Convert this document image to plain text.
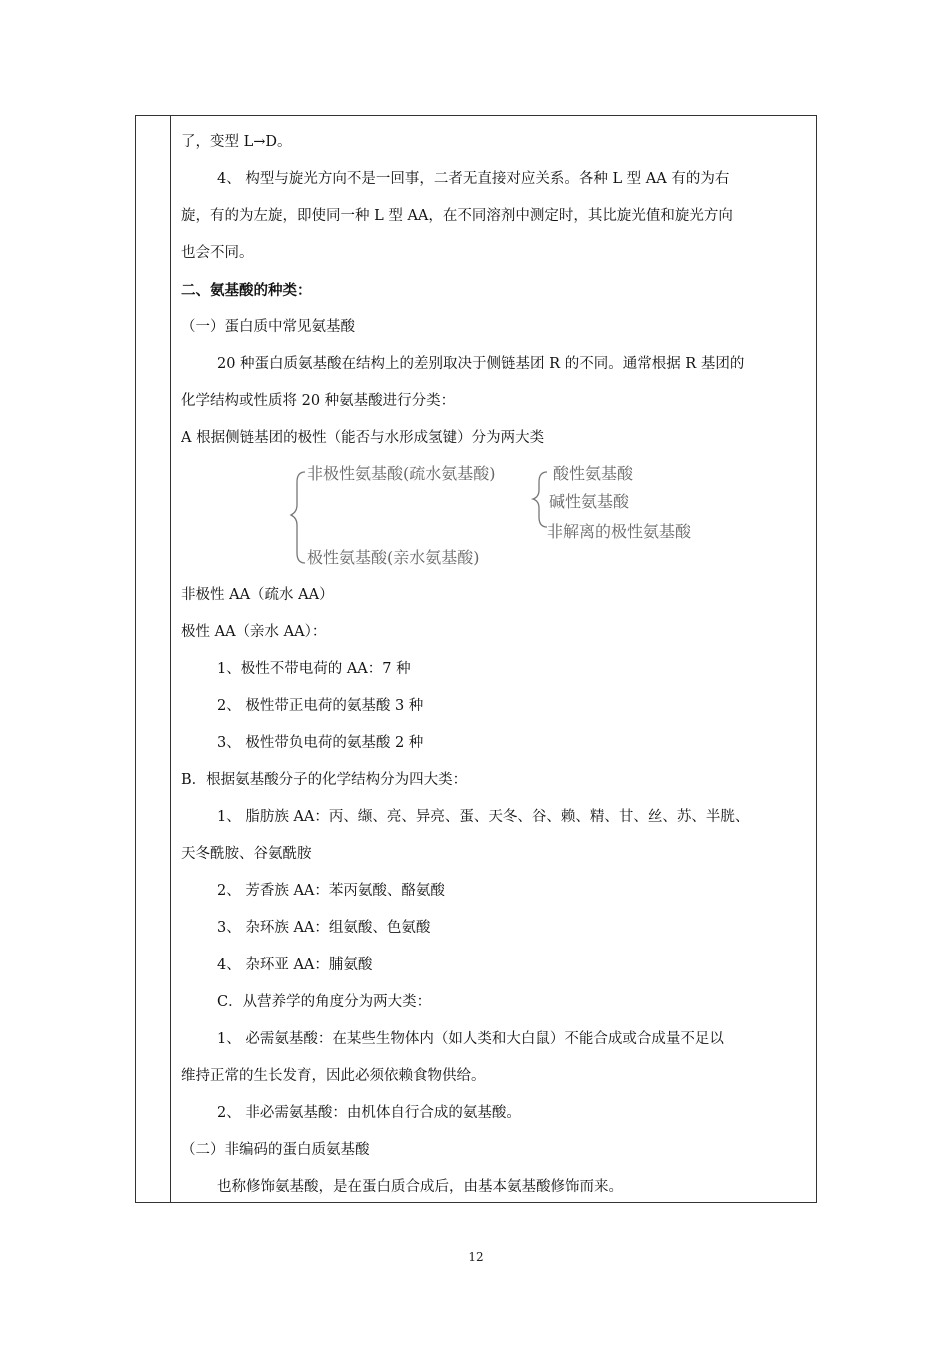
了，变型 L→D。
4、 构型与旋光方向不是一回事，二者无直接对应关系。各种 L 型 AA 有的为右
旋，有的为左旋，即使同一种 L 型 AA，在不同溶剂中测定时，其比旋光值和旋光方向
也会不同。
二、氨基酸的种类：
（一）蛋白质中常见氨基酸
20 种蛋白质氨基酸在结构上的差别取决于侧链基团 R 的不同。通常根据 R 基团的
化学结构或性质将 20 种氨基酸进行分类：
A 根据侧链基团的极性（能否与水形成氢键）分为两大类
非极性氨基酸(疏水氨基酸)
极性氨基酸(亲水氨基酸)
酸性氨基酸
碱性氨基酸
非解离的极性氨基酸
非极性 AA（疏水 AA）
极性 AA（亲水 AA）：
1、极性不带电荷的 AA：7 种
2、 极性带正电荷的氨基酸 3 种
3、 极性带负电荷的氨基酸 2 种
B．根据氨基酸分子的化学结构分为四大类：
1、 脂肪族 AA：丙、缬、亮、异亮、蛋、天冬、谷、赖、精、甘、丝、苏、半胱、
天冬酰胺、谷氨酰胺
2、 芳香族 AA：苯丙氨酸、酪氨酸
3、 杂环族 AA：组氨酸、色氨酸
4、 杂环亚 AA：脯氨酸
C．从营养学的角度分为两大类：
1、 必需氨基酸：在某些生物体内（如人类和大白鼠）不能合成或合成量不足以
维持正常的生长发育，因此必须依赖食物供给。
2、 非必需氨基酸：由机体自行合成的氨基酸。
（二）非编码的蛋白质氨基酸
也称修饰氨基酸，是在蛋白质合成后，由基本氨基酸修饰而来。
12
